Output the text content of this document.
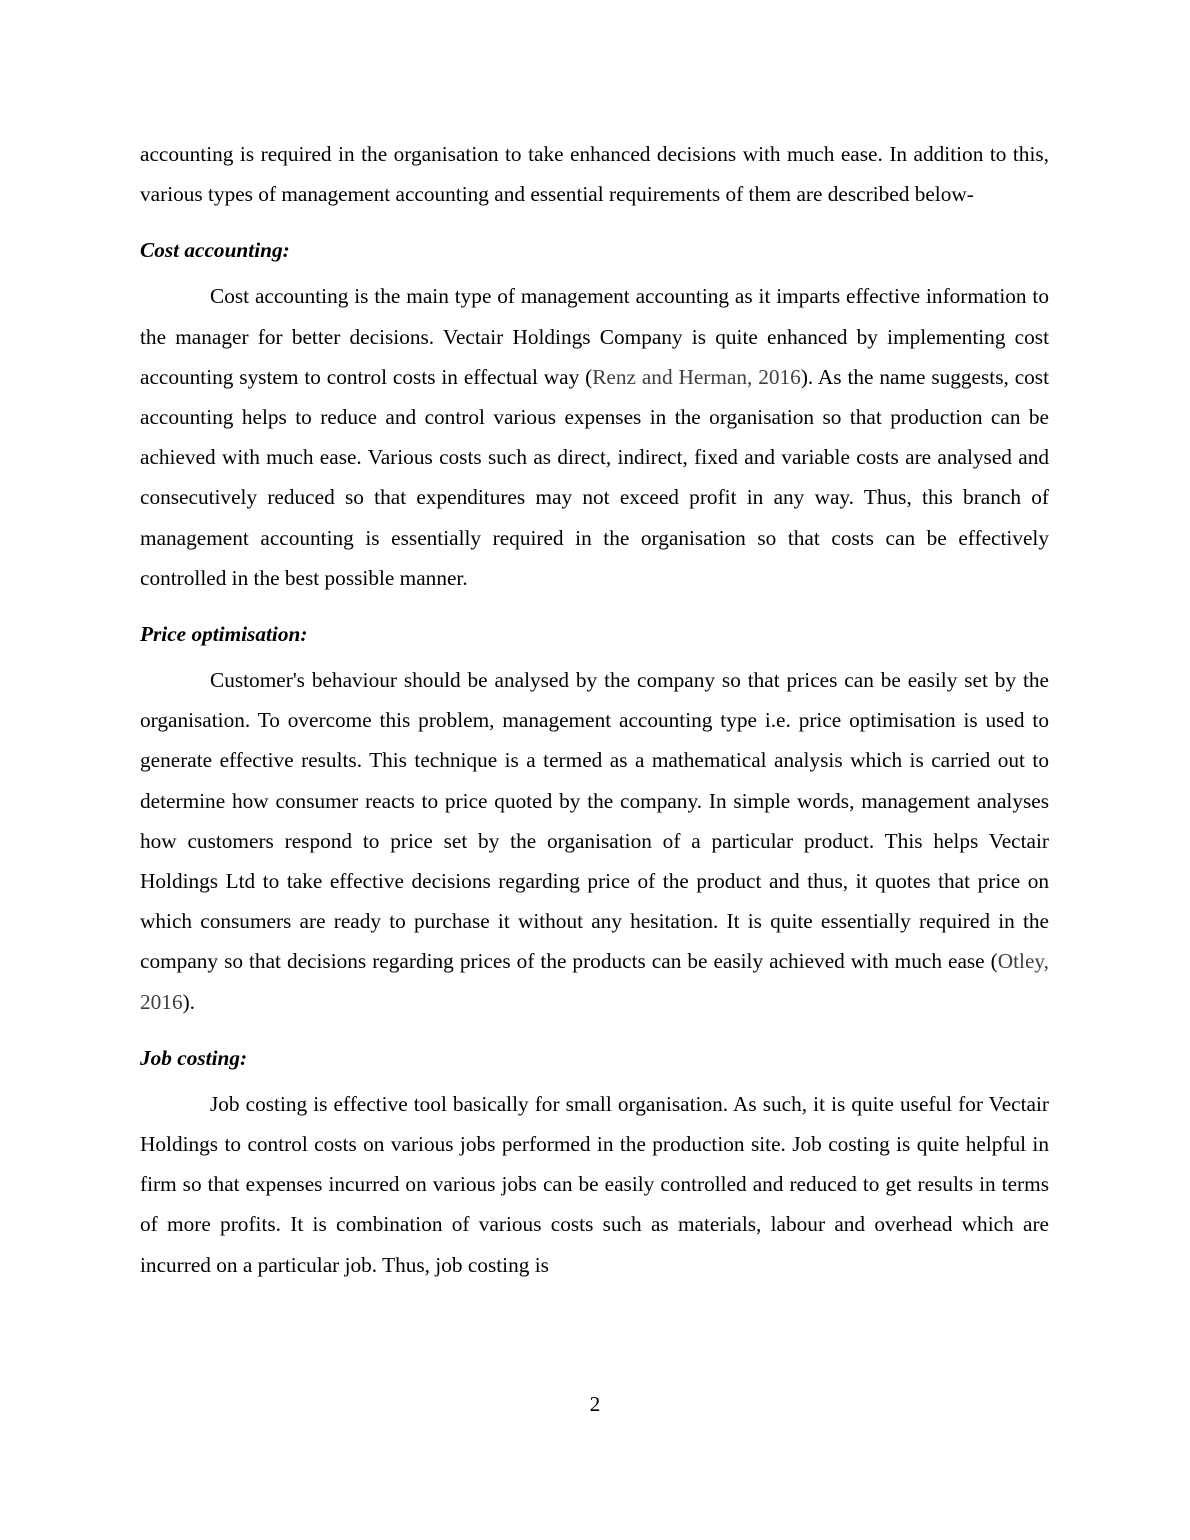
accounting is required in the organisation to take enhanced decisions with much ease. In addition to this, various types of management accounting and essential requirements of them are described below-

Cost accounting:

Cost accounting is the main type of management accounting as it imparts effective information to the manager for better decisions. Vectair Holdings Company is quite enhanced by implementing cost accounting system to control costs in effectual way (Renz and Herman, 2016). As the name suggests, cost accounting helps to reduce and control various expenses in the organisation so that production can be achieved with much ease. Various costs such as direct, indirect, fixed and variable costs are analysed and consecutively reduced so that expenditures may not exceed profit in any way. Thus, this branch of management accounting is essentially required in the organisation so that costs can be effectively controlled in the best possible manner.

Price optimisation:

Customer's behaviour should be analysed by the company so that prices can be easily set by the organisation. To overcome this problem, management accounting type i.e. price optimisation is used to generate effective results. This technique is a termed as a mathematical analysis which is carried out to determine how consumer reacts to price quoted by the company. In simple words, management analyses how customers respond to price set by the organisation of a particular product. This helps Vectair Holdings Ltd to take effective decisions regarding price of the product and thus, it quotes that price on which consumers are ready to purchase it without any hesitation. It is quite essentially required in the company so that decisions regarding prices of the products can be easily achieved with much ease (Otley, 2016).

Job costing:

Job costing is effective tool basically for small organisation. As such, it is quite useful for Vectair Holdings to control costs on various jobs performed in the production site. Job costing is quite helpful in firm so that expenses incurred on various jobs can be easily controlled and reduced to get results in terms of more profits. It is combination of various costs such as materials, labour and overhead which are incurred on a particular job. Thus, job costing is

2
